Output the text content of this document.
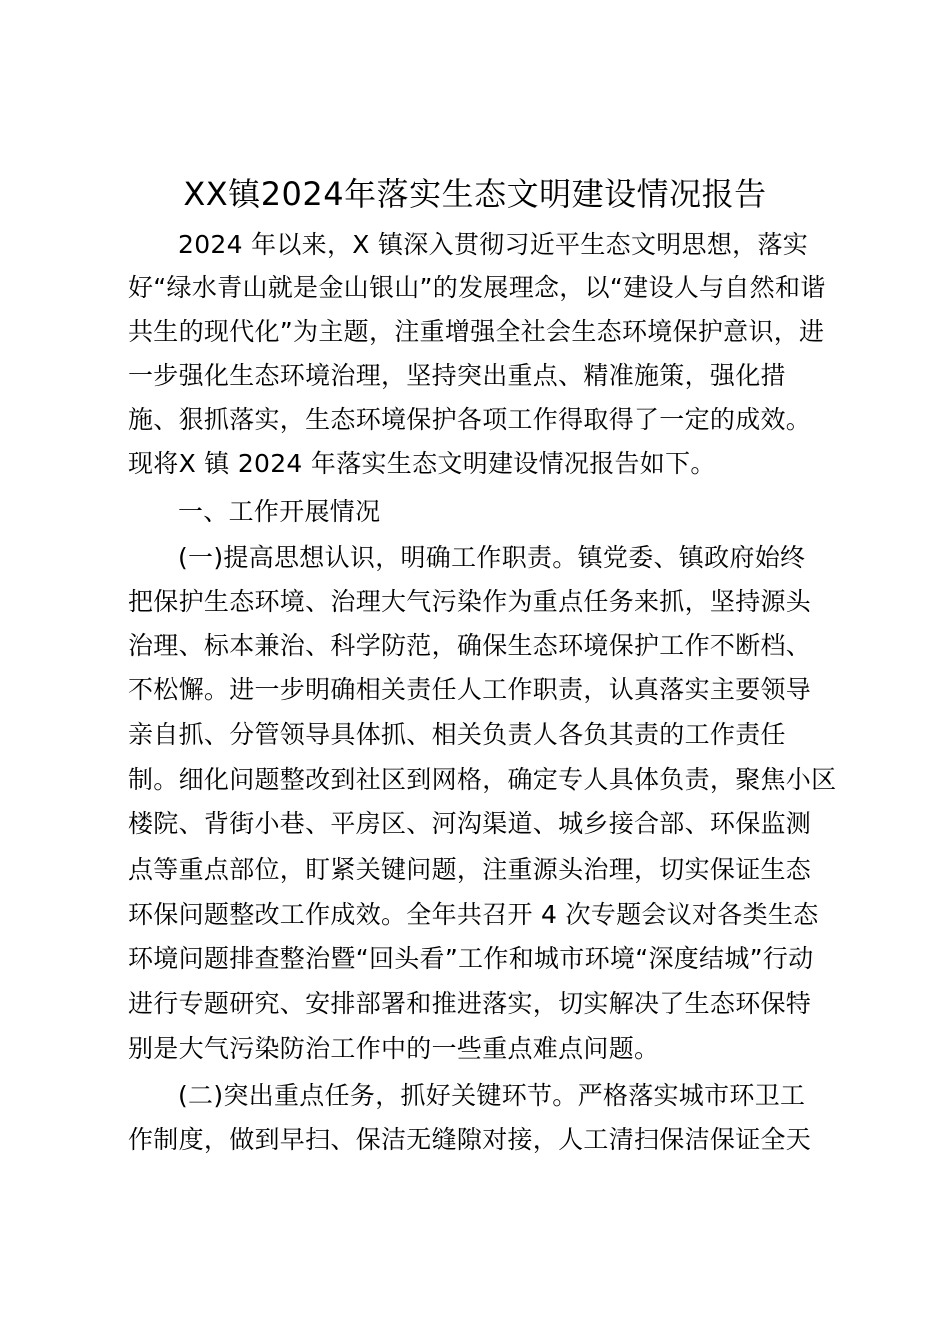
XX镇2024年落实生态文明建设情况报告

2024 年以来，X 镇深入贯彻习近平生态文明思想，落实

好“绿水青山就是金山银山”的发展理念，以“建设人与自然和谐

共生的现代化”为主题，注重增强全社会生态环境保护意识，进

一步强化生态环境治理，坚持突出重点、精准施策，强化措

施、狠抓落实，生态环境保护各项工作得取得了一定的成效。

现将X 镇 2024 年落实生态文明建设情况报告如下。

一、工作开展情况

(一)提高思想认识，明确工作职责。镇党委、镇政府始终

把保护生态环境、治理大气污染作为重点任务来抓，坚持源头

治理、标本兼治、科学防范，确保生态环境保护工作不断档、

不松懈。进一步明确相关责任人工作职责，认真落实主要领导

亲自抓、分管领导具体抓、相关负责人各负其责的工作责任

制。细化问题整改到社区到网格，确定专人具体负责，聚焦小区

楼院、背街小巷、平房区、河沟渠道、城乡接合部、环保监测

点等重点部位，盯紧关键问题，注重源头治理，切实保证生态

环保问题整改工作成效。全年共召开 4 次专题会议对各类生态

环境问题排查整治暨“回头看”工作和城市环境“深度结城”行动

进行专题研究、安排部署和推进落实，切实解决了生态环保特

别是大气污染防治工作中的一些重点难点问题。

(二)突出重点任务，抓好关键环节。严格落实城市环卫工

作制度，做到早扫、保洁无缝隙对接，人工清扫保洁保证全天
